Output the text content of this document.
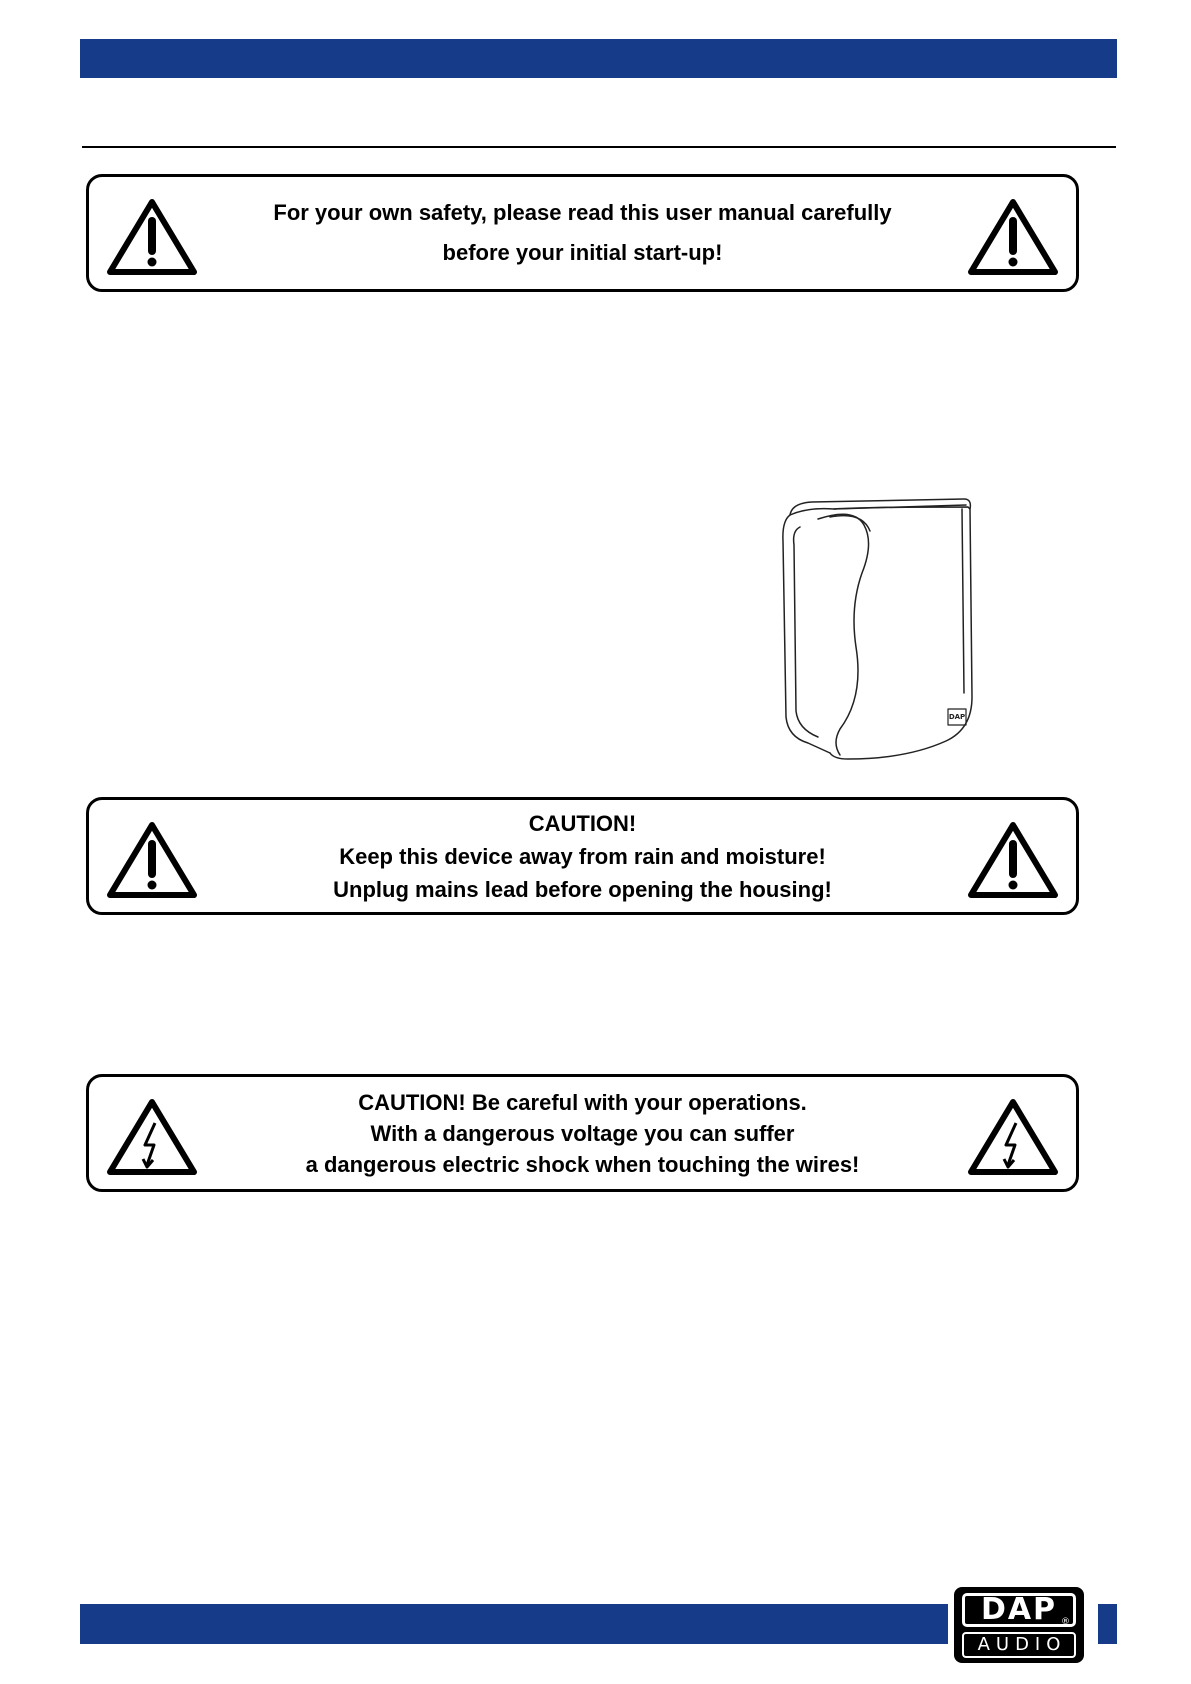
For your own safety, please read this user manual carefully
before your initial start-up!
DAP
CAUTION!
Keep this device away from rain and moisture!
Unplug mains lead before opening the housing!
CAUTION! Be careful with your operations.
With a dangerous voltage you can suffer
a dangerous electric shock when touching the wires!
DAP ®
AUDIO
